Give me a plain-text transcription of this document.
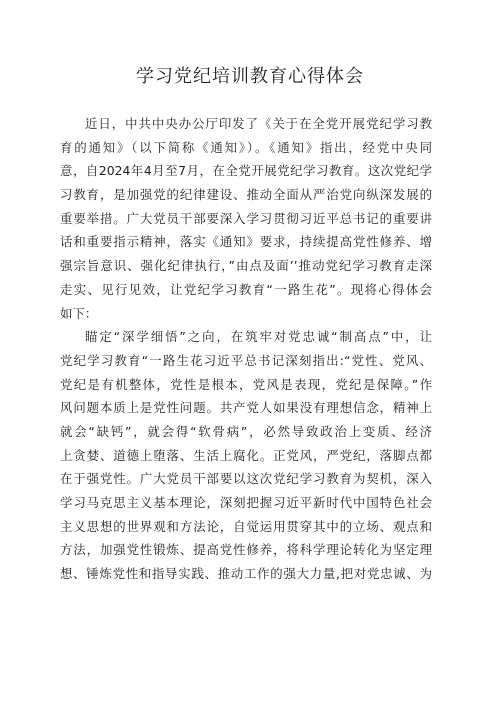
学习党纪培训教育心得体会
近日，中共中央办公厅印发了《关于在全党开展党纪学习教
育的通知》（以下简称《通知》）。《通知》指出，经党中央同
意，自2024年4月至7月，在全党开展党纪学习教育。这次党纪学
习教育，是加强党的纪律建设、推动全面从严治党向纵深发展的
重要举措。广大党员干部要深入学习贯彻习近平总书记的重要讲
话和重要指示精神，落实《通知》要求，持续提高党性修养、增
强宗旨意识、强化纪律执行，”由点及面’’推动党纪学习教育走深
走实、见行见效，让党纪学习教育“一路生花”。现将心得体会
如下：
瞄定“深学细悟”之向，在筑牢对党忠诚“制高点”中，让
党纪学习教育“一路生花习近平总书记深刻指出:“党性、党风、
党纪是有机整体，党性是根本，党风是表现，党纪是保障。”作
风问题本质上是党性问题。共产党人如果没有理想信念，精神上
就会“缺钙”，就会得“软骨病”，必然导致政治上变质、经济
上贪婪、道德上堕落、生活上腐化。正党风，严党纪，落脚点都
在于强党性。广大党员干部要以这次党纪学习教育为契机，深入
学习马克思主义基本理论，深刻把握习近平新时代中国特色社会
主义思想的世界观和方法论，自觉运用贯穿其中的立场、观点和
方法，加强党性锻炼、提高党性修养，将科学理论转化为坚定理
想、锤炼党性和指导实践、推动工作的强大力量,把对党忠诚、为
